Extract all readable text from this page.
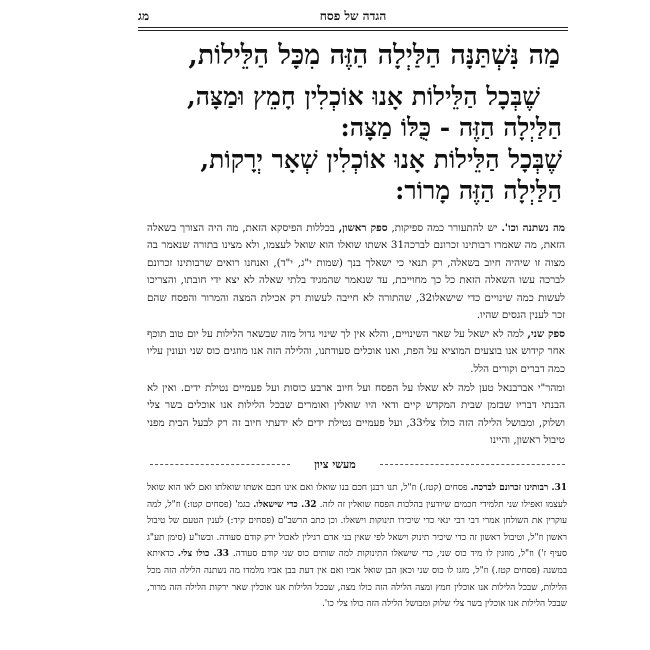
הגדה של פסח
מג
מַה נִּשְׁתַּנָּה הַלַּיְלָה הַזֶּה מִכָּל הַלֵּילוֹת,
שֶׁבְּכָל הַלֵּילוֹת אָנוּ אוֹכְלִין חָמֵץ וּמַצָּה,
הַלַּיְלָה הַזֶּה - כֻּלּוֹ מַצָּה:
שֶׁבְּכָל הַלֵּילוֹת אָנוּ אוֹכְלִין שְׁאָר יְרָקוֹת,
הַלַּיְלָה הַזֶּה מָרוֹר:
מה נשתנה וכו'. יש להתעורר כמה ספיקות, ספק ראשון, בכללות הפיסקא הזאת, מה היה הצורך בשאלה הזאת, מה שאמרו רבותינו זכרונם לברכה31 אשתו שואלו הוא שואל לעצמו, ולא מצינו בתורה שנאמר בה מצוה זו שיהיה חיוב בשאלה, רק תנאי כי ישאלך בנך (שמות י"ג, י"ד), ואנחנו רואים שרבותינו זכרונם לברכה עשו השאלה הזאת כל כך מחוייבת, עד שנאמר שהמגיד בלתי שאלה לא יצא ידי חובתו, והצריכו לעשות כמה שינויים כדי שישאלו32, שהתורה לא חייבה לעשות רק אכילת המצה והמרור והפסח שהם זכר לענין הגסים שהיו.
ספק שני, למה לא ישאל על שאר השינויים, והלא אין לך שינוי גדול מזה שבשאר הלילות על יום טוב תוכף אחר קידוש אנו בוצעים המוציא על הפת, ואנו אוכלים סעודתנו, והלילה הזה אנו מוזגים כוס שני ועונין עליו כמה דברים וקורים הלל.
ומהר"י אברבנאל טען למה לא שאלו על הפסח ועל חיוב ארבע כוסות ועל פעמיים נטילת ידים. ואין לא הבנתי דבריו שבזמן שבית המקדש קיים ודאי היו שואלין ואומרים שבכל הלילות אנו אוכלים בשר צלי ושלוק, ומבושל הלילה הזה כולו צלי33, ועל פעמיים נטילת ידים לא ידעתי חיוב זה רק לבעל הבית מפני טיבול ראשון, והיינו
מעשי ציון
31. רבותינו זכרונם לברכה. פסחים (קטז.) וז"ל, תנו רבנן חכם בנו שואלו ואם אינו חכם אשתו שואלתו ואם לאו הוא שואל לעצמו ואפילו שני תלמידי חכמים שיודעין בהלכות הפסח שואלין זה לזה. 32. כדי שישאלו. בגמ' (פסחים קטו:) וז"ל, למה עוקרין את השולחן אמרי דבי רבי ינאי כדי שיכירו תינוקות וישאלו. וכן כתב הרשב"ם (פסחים קיד:) לענין הטעם של טיבול ראשון וז"ל, וטיבול ראשון זה כדי שיכיר תינוק וישאל לפי שאין בני אדם רגילין לאכול ירק קודם סעודה. ובשו"ע (סימן תע"ג סעיף ז') וז"ל, מוזגין לו מיד כוס שני, כדי שישאלו התינוקות למה שותים כוס שני קודם סעודה. 33. כולו צלי. כדאיתא במשנה (פסחים קטז.) וז"ל, מזגו לו כוס שני וכאן הבן שואל אביו ואם אין דעת בבן אביו מלמדו מה נשתנה הלילה הזה מכל הלילות, שבכל הלילות אנו אוכלין חמץ ומצה הלילה הזה כולו מצה, שבכל הלילות אנו אוכלין שאר ירקות הלילה הזה מרור, שבכל הלילות אנו אוכלין בשר צלי שלוק ומבושל הלילה הזה כולו צלי כו'.
